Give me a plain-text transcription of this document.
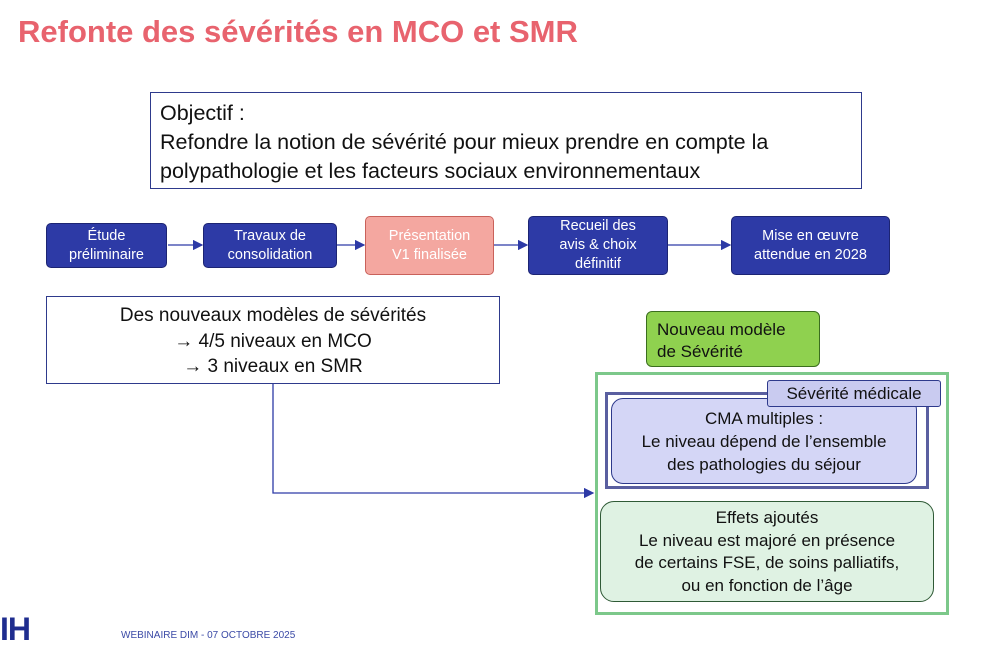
Refonte des sévérités en MCO et SMR
Objectif :
Refondre la notion de sévérité pour mieux prendre en compte la
polypathologie et les facteurs sociaux environnementaux
Étude
préliminaire
Travaux de
consolidation
Présentation
V1 finalisée
Recueil des
avis & choix
définitif
Mise en œuvre
attendue en 2028
Des nouveaux modèles de sévérités
→ 4/5 niveaux en MCO
→ 3 niveaux en SMR
Nouveau modèle
de Sévérité
CMA multiples :
Le niveau dépend de l’ensemble
des pathologies du séjour
Sévérité médicale
Effets ajoutés
Le niveau est majoré en présence
de certains FSE, de soins palliatifs,
ou en fonction de l’âge
IH	WEBINAIRE DIM - 07 OCTOBRE 2025
